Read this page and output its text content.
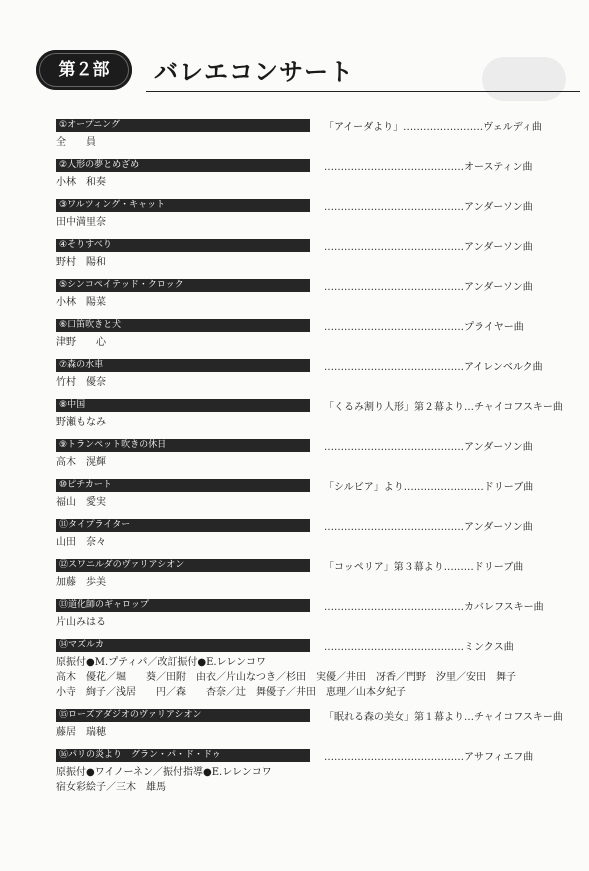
第２部	バレエコンサート
①オープニング	「アイーダより」……………………ヴェルディ曲
全　　員
②人形の夢とめざめ	……………………………………オースティン曲
小林　和奏
③ワルツィング・キャット	……………………………………アンダーソン曲
田中満里奈
④そりすべり	……………………………………アンダーソン曲
野村　陽和
⑤シンコペイテッド・クロック	……………………………………アンダーソン曲
小林　陽菜
⑥口笛吹きと犬	……………………………………プライヤー曲
津野　　心
⑦森の水車	……………………………………アイレンベルク曲
竹村　優奈
⑧中国	「くるみ割り人形」第２幕より…チャイコフスキー曲
野瀬もなみ
⑨トランペット吹きの休日	……………………………………アンダーソン曲
高木　滉輝
⑩ピチカート	「シルビア」より……………………ドリーブ曲
福山　愛実
⑪タイプライター	……………………………………アンダーソン曲
山田　奈々
⑫スワニルダのヴァリアシオン	「コッペリア」第３幕より………ドリーブ曲
加藤　歩美
⑬道化師のギャロップ	……………………………………カバレフスキー曲
片山みはる
⑭マズルカ	……………………………………ミンクス曲
原振付●M.プティパ／改訂振付●E.レレンコワ
高木　優花／堀　　葵／田附　由衣／片山なつき／杉田　実優／井田　冴香／門野　汐里／安田　舞子
小寺　絢子／浅居　　円／森　　杏奈／辻　舞優子／井田　恵理／山本夕紀子
⑮ローズアダジオのヴァリアシオン	「眠れる森の美女」第１幕より…チャイコフスキー曲
藤居　瑞穂
⑯パリの炎より　グラン・パ・ド・ドゥ	……………………………………アサフィエフ曲
原振付●ワイノーネン／振付指導●E.レレンコワ
宿女彩絵子／三木　雄馬
